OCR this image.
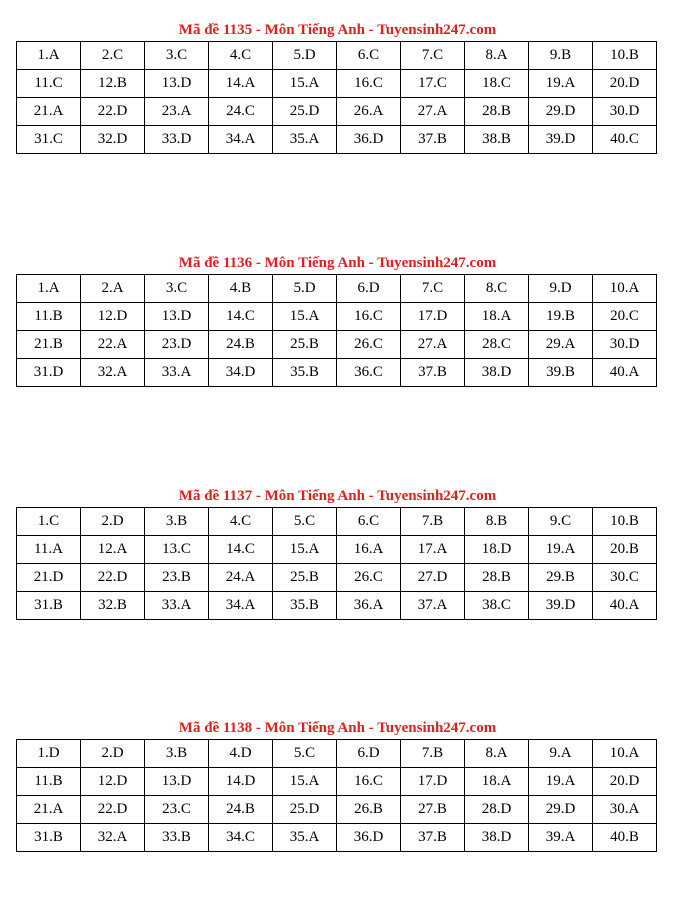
Mã đề 1135 - Môn Tiếng Anh - Tuyensinh247.com
1.A	2.C	3.C	4.C	5.D	6.C	7.C	8.A	9.B	10.B
11.C	12.B	13.D	14.A	15.A	16.C	17.C	18.C	19.A	20.D
21.A	22.D	23.A	24.C	25.D	26.A	27.A	28.B	29.D	30.D
31.C	32.D	33.D	34.A	35.A	36.D	37.B	38.B	39.D	40.C
Mã đề 1136 - Môn Tiếng Anh - Tuyensinh247.com
1.A	2.A	3.C	4.B	5.D	6.D	7.C	8.C	9.D	10.A
11.B	12.D	13.D	14.C	15.A	16.C	17.D	18.A	19.B	20.C
21.B	22.A	23.D	24.B	25.B	26.C	27.A	28.C	29.A	30.D
31.D	32.A	33.A	34.D	35.B	36.C	37.B	38.D	39.B	40.A
Mã đề 1137 - Môn Tiếng Anh - Tuyensinh247.com
1.C	2.D	3.B	4.C	5.C	6.C	7.B	8.B	9.C	10.B
11.A	12.A	13.C	14.C	15.A	16.A	17.A	18.D	19.A	20.B
21.D	22.D	23.B	24.A	25.B	26.C	27.D	28.B	29.B	30.C
31.B	32.B	33.A	34.A	35.B	36.A	37.A	38.C	39.D	40.A
Mã đề 1138 - Môn Tiếng Anh - Tuyensinh247.com
1.D	2.D	3.B	4.D	5.C	6.D	7.B	8.A	9.A	10.A
11.B	12.D	13.D	14.D	15.A	16.C	17.D	18.A	19.A	20.D
21.A	22.D	23.C	24.B	25.D	26.B	27.B	28.D	29.D	30.A
31.B	32.A	33.B	34.C	35.A	36.D	37.B	38.D	39.A	40.B
